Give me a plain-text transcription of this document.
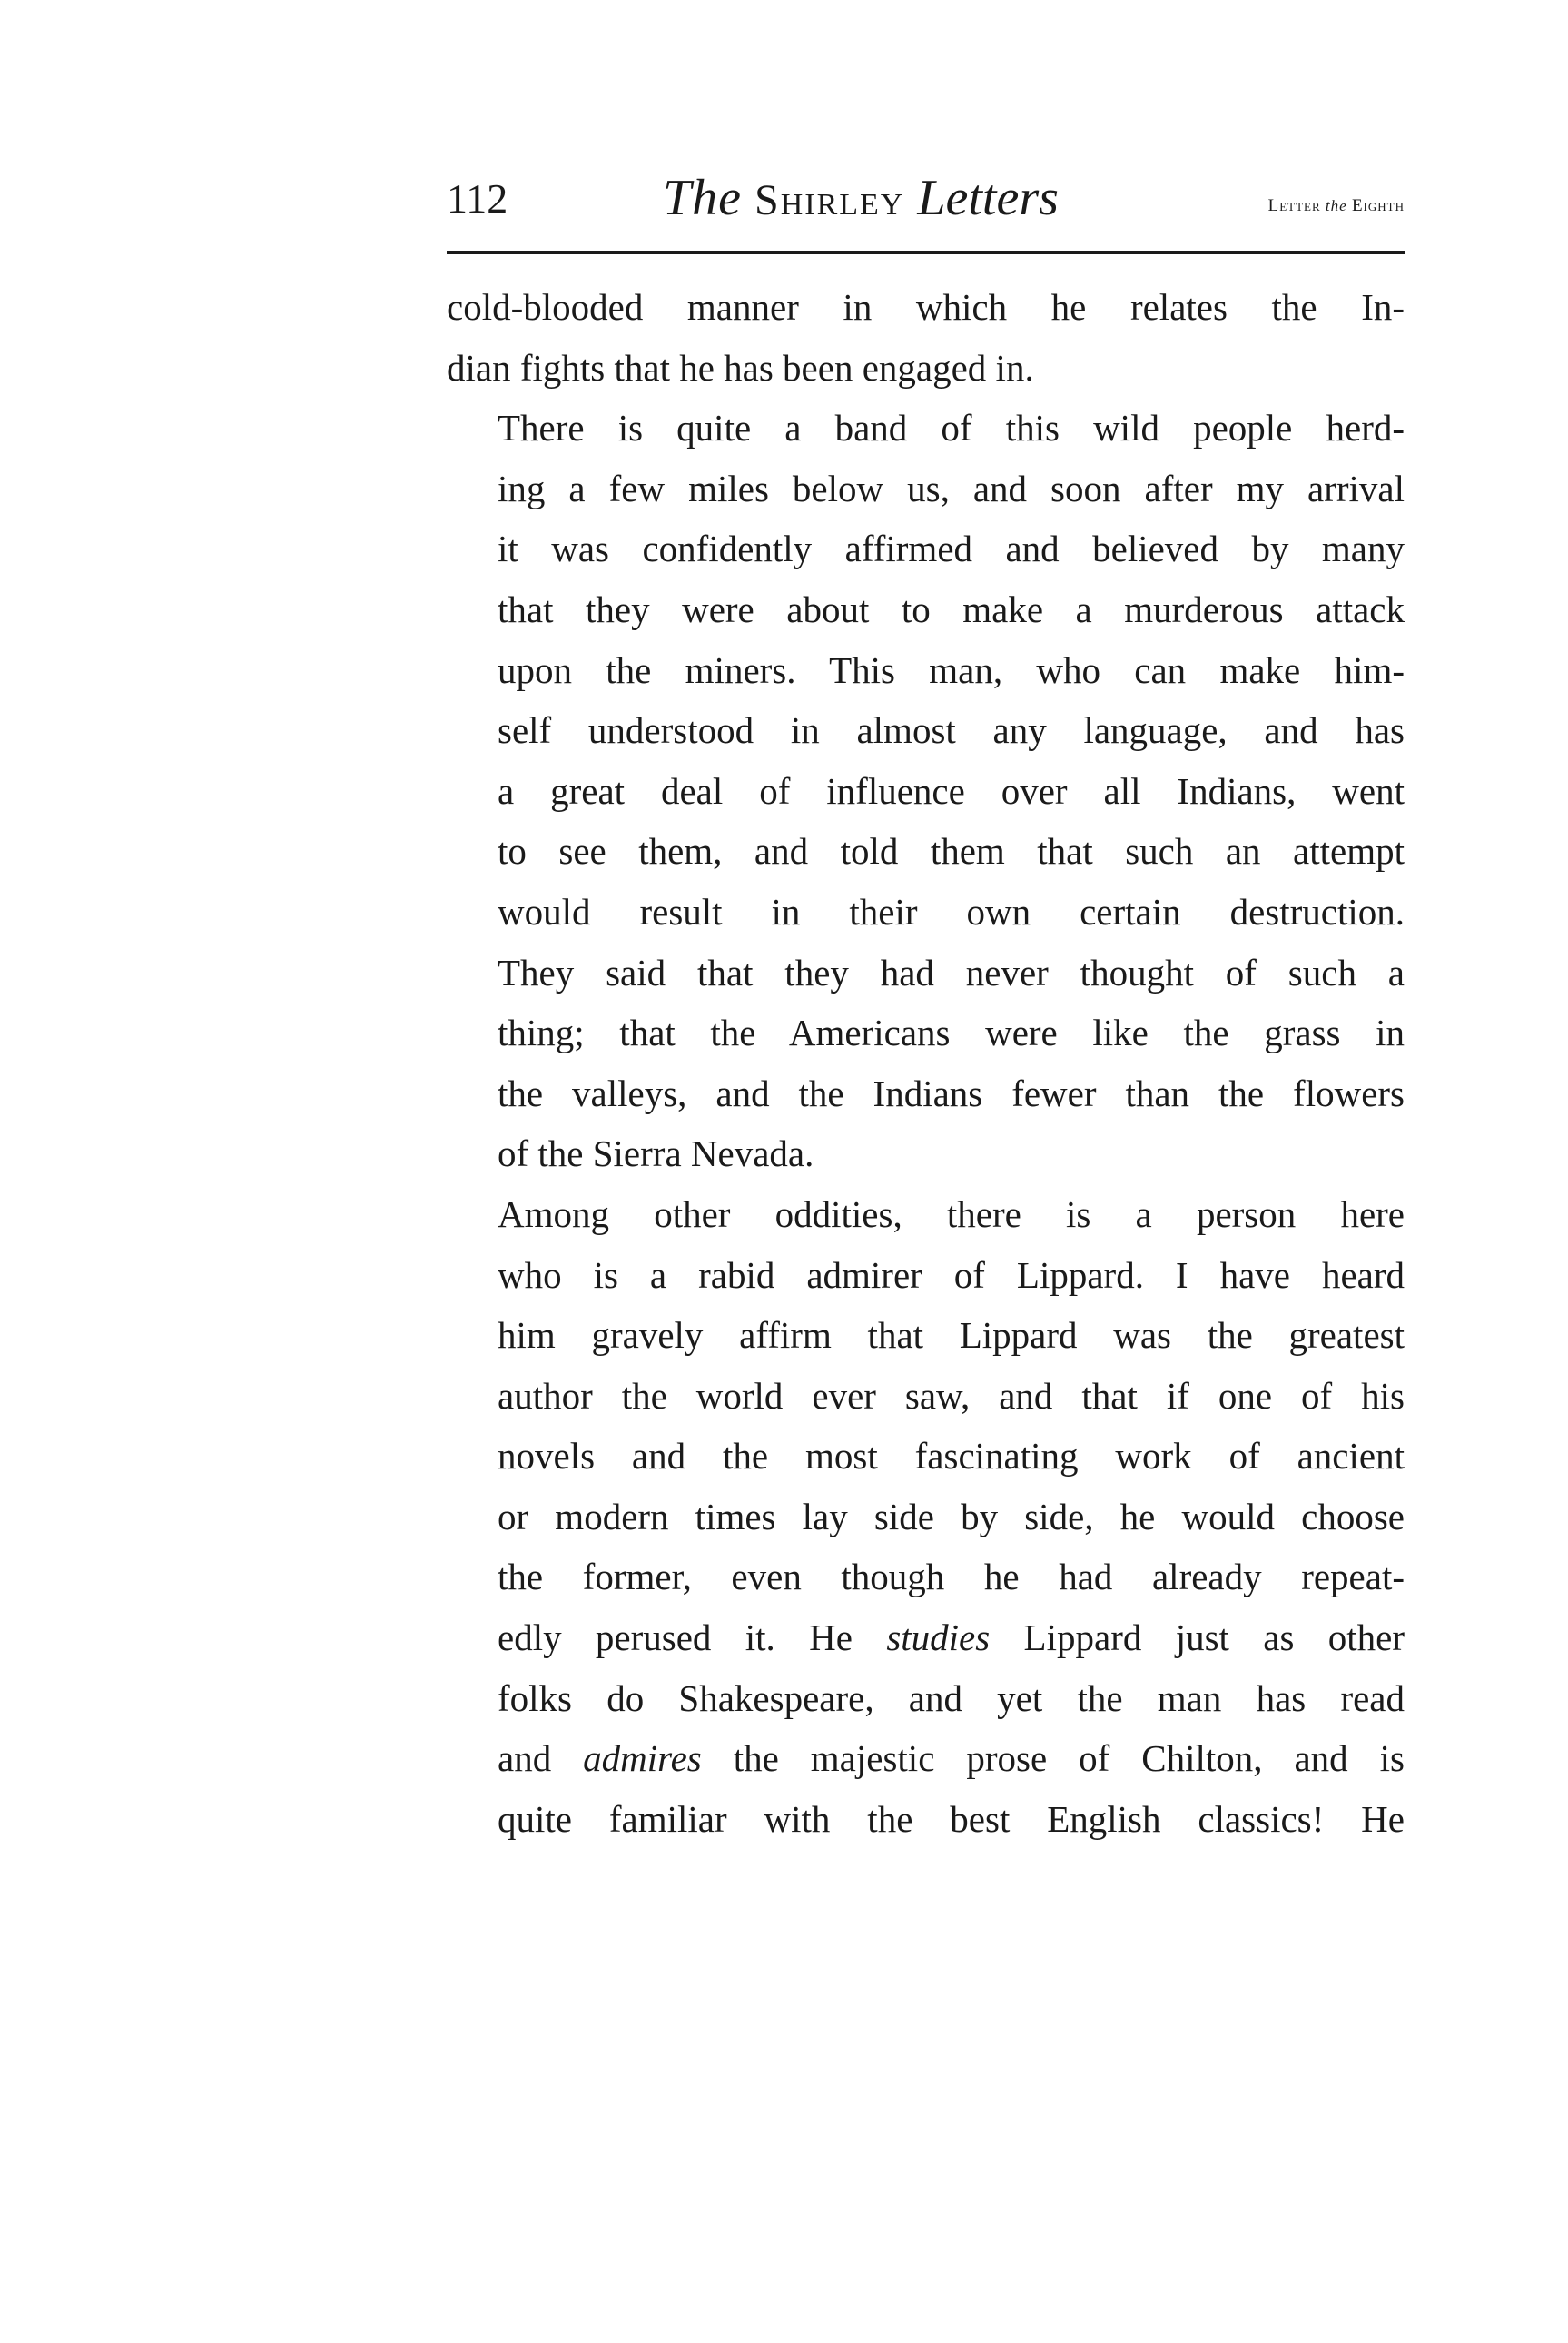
112	The Shirley Letters	Letter the Eighth

cold-blooded manner in which he relates the In-
dian fights that he has been engaged in.

There is quite a band of this wild people herd-
ing a few miles below us, and soon after my arrival
it was confidently affirmed and believed by many
that they were about to make a murderous attack
upon the miners. This man, who can make him-
self understood in almost any language, and has
a great deal of influence over all Indians, went
to see them, and told them that such an attempt
would result in their own certain destruction.
They said that they had never thought of such a
thing; that the Americans were like the grass in
the valleys, and the Indians fewer than the flowers
of the Sierra Nevada.

Among other oddities, there is a person here
who is a rabid admirer of Lippard. I have heard
him gravely affirm that Lippard was the greatest
author the world ever saw, and that if one of his
novels and the most fascinating work of ancient
or modern times lay side by side, he would choose
the former, even though he had already repeat-
edly perused it. He studies Lippard just as other
folks do Shakespeare, and yet the man has read
and admires the majestic prose of Chilton, and is
quite familiar with the best English classics! He
